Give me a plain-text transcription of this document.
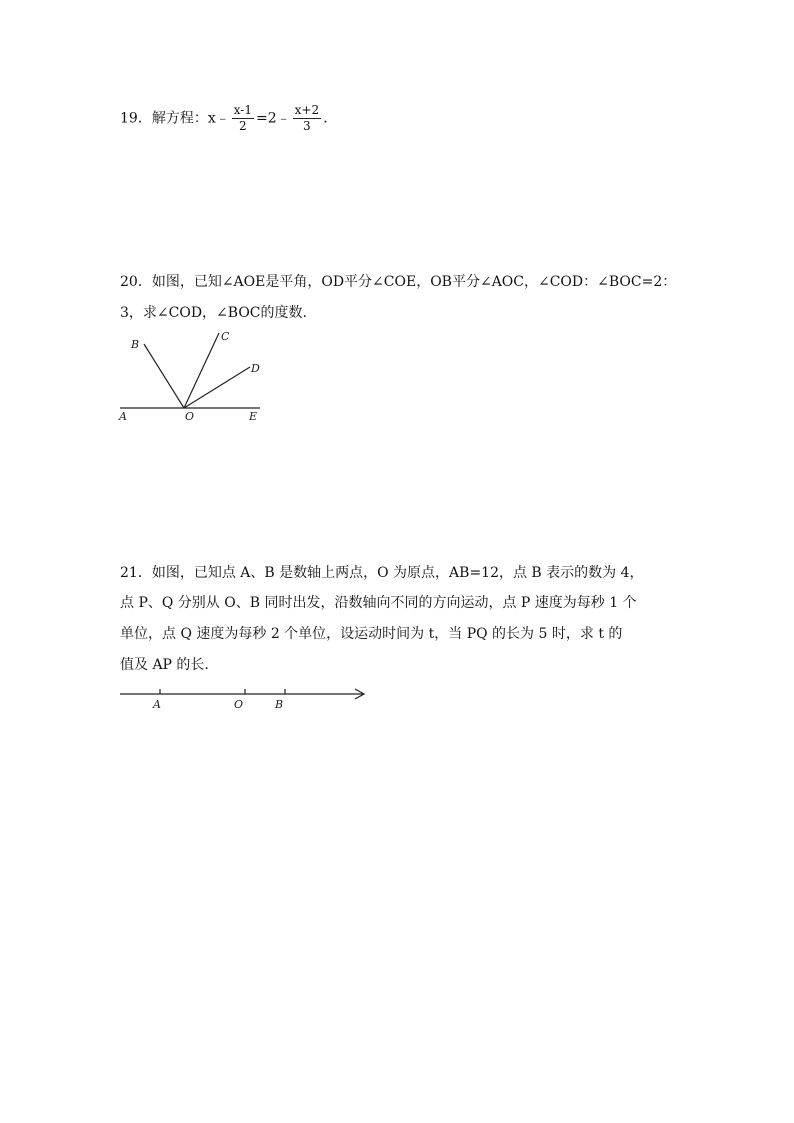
19．解方程：x﹣ $\frac{x-1}{2}$ =2﹣ $\frac{x+2}{3}$ .
20．如图，已知∠AOE是平角，OD平分∠COE，OB平分∠AOC，∠COD：∠BOC=2：
3，求∠COD，∠BOC的度数.
A	O	E
B
C
D
21．如图，已知点 A、B 是数轴上两点，O 为原点，AB=12，点 B 表示的数为 4，
点 P、Q 分别从 O、B 同时出发，沿数轴向不同的方向运动，点 P 速度为每秒 1 个
单位，点 Q 速度为每秒 2 个单位，设运动时间为 t，当 PQ 的长为 5 时，求 t 的
值及 AP 的长.
A	O	B
